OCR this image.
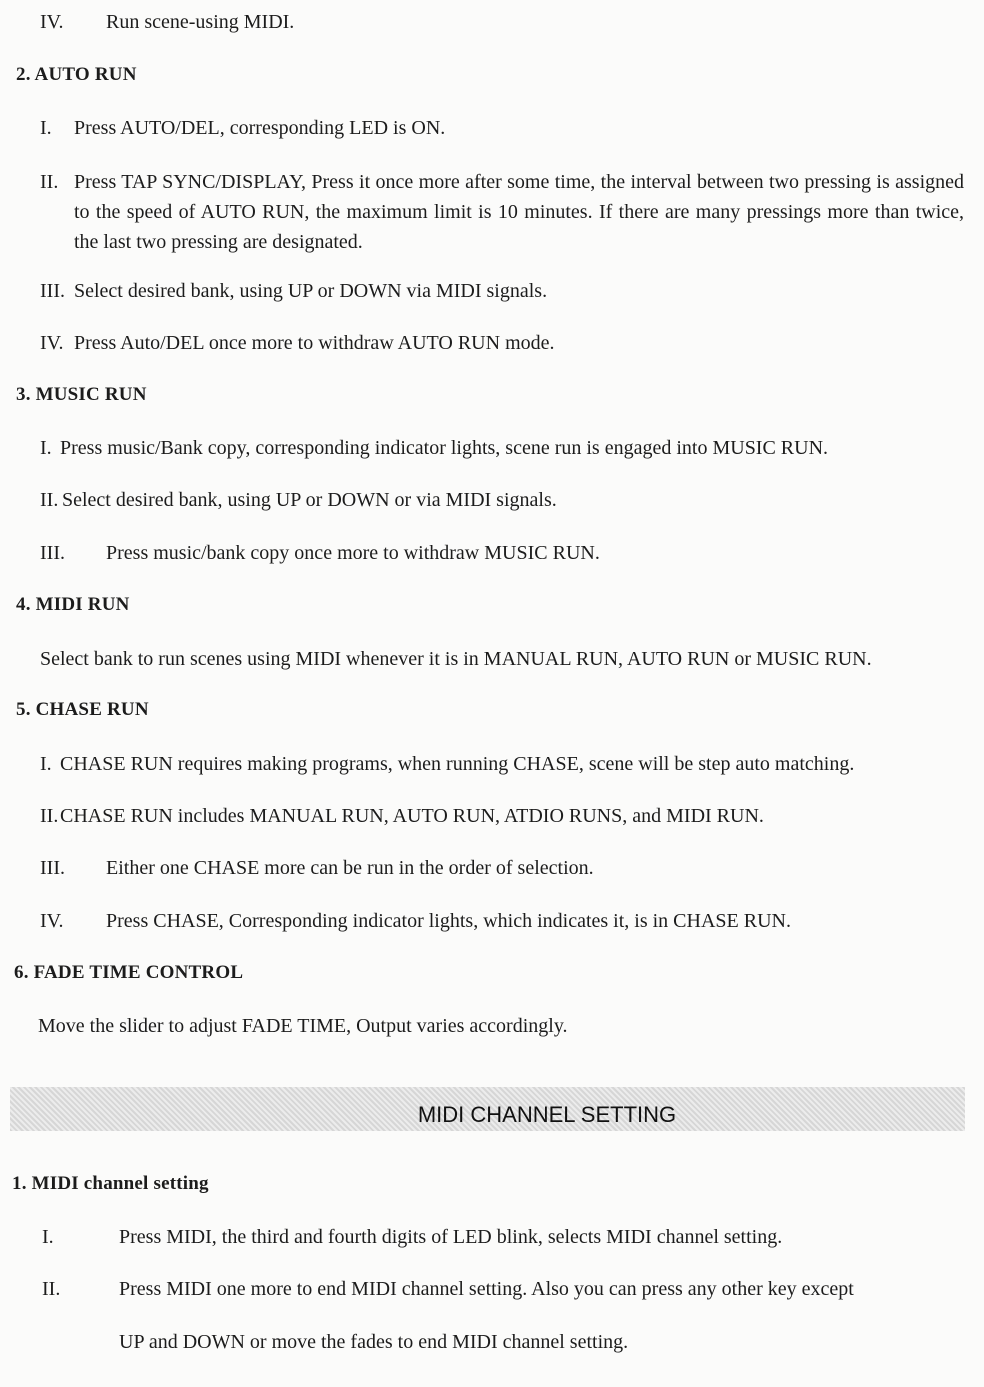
IV. Run scene-using MIDI.
2. AUTO RUN
I. Press AUTO/DEL, corresponding LED is ON.
II. Press TAP SYNC/DISPLAY, Press it once more after some time, the interval between two pressing is assigned to the speed of AUTO RUN, the maximum limit is 10 minutes. If there are many pressings more than twice, the last two pressing are designated.
III. Select desired bank, using UP or DOWN via MIDI signals.
IV. Press Auto/DEL once more to withdraw AUTO RUN mode.
3. MUSIC RUN
I. Press music/Bank copy, corresponding indicator lights, scene run is engaged into MUSIC RUN.
II. Select desired bank, using UP or DOWN or via MIDI signals.
III. Press music/bank copy once more to withdraw MUSIC RUN.
4. MIDI RUN
Select bank to run scenes using MIDI whenever it is in MANUAL RUN, AUTO RUN or MUSIC RUN.
5. CHASE RUN
I. CHASE RUN requires making programs, when running CHASE, scene will be step auto matching.
II. CHASE RUN includes MANUAL RUN, AUTO RUN, ATDIO RUNS, and MIDI RUN.
III. Either one CHASE more can be run in the order of selection.
IV. Press CHASE, Corresponding indicator lights, which indicates it, is in CHASE RUN.
6. FADE TIME CONTROL
Move the slider to adjust FADE TIME, Output varies accordingly.
MIDI CHANNEL SETTING
1. MIDI channel setting
I.	Press MIDI, the third and fourth digits of LED blink, selects MIDI channel setting.
II.	Press MIDI one more to end MIDI channel setting. Also you can press any other key except
UP and DOWN or move the fades to end MIDI channel setting.
